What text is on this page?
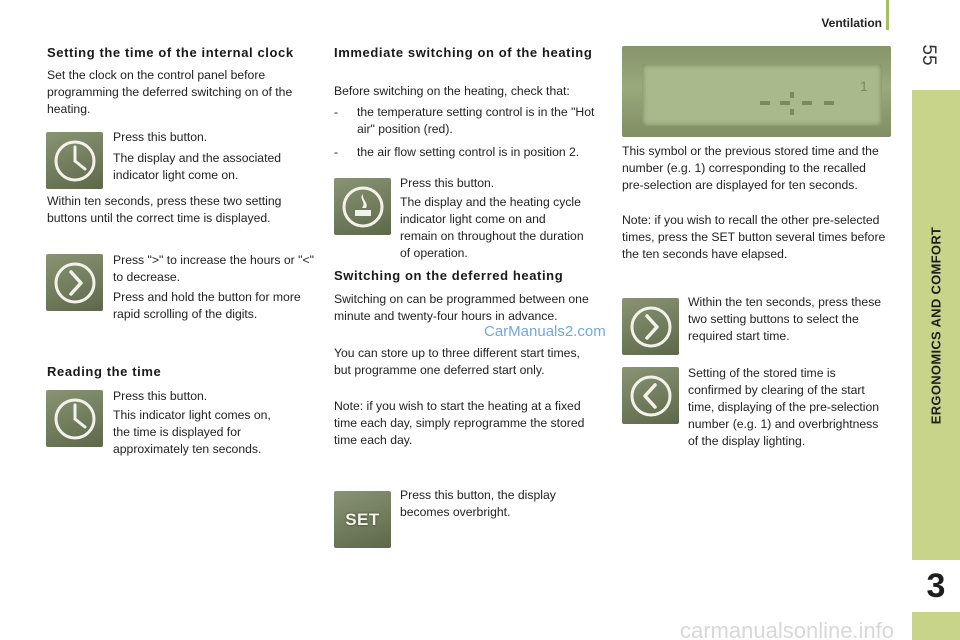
Ventilation
55
ERGONOMICS AND COMFORT
3
Setting the time of the internal clock
Set the clock on the control panel before programming the deferred switching on of the heating.
Press this button.
The display and the associated indicator light come on.
Within ten seconds, press these two setting buttons until the correct time is displayed.
Press ">" to increase the hours or "<" to decrease.
Press and hold the button for more rapid scrolling of the digits.
Reading the time
Press this button.
This indicator light comes on, the time is displayed for approximately ten seconds.
Immediate switching on of the heating
Before switching on the heating, check that:
- the temperature setting control is in the "Hot air" position (red).
- the air flow setting control is in position 2.
Press this button.
The display and the heating cycle indicator light come on and remain on throughout the duration of operation.
Switching on the deferred heating
Switching on can be programmed between one minute and twenty-four hours in advance.
You can store up to three different start times, but programme one deferred start only.
Note: if you wish to start the heating at a fixed time each day, simply reprogramme the stored time each day.
SET
Press this button, the display becomes overbright.
1
This symbol or the previous stored time and the number (e.g. 1) corresponding to the recalled pre-selection are displayed for ten seconds.
Note: if you wish to recall the other pre-selected times, press the SET button several times before the ten seconds have elapsed.
Within the ten seconds, press these two setting buttons to select the required start time.
Setting of the stored time is confirmed by clearing of the start time, displaying of the pre-selection number (e.g. 1) and overbrightness of the display lighting.
CarManuals2.com
carmanualsonline.info
